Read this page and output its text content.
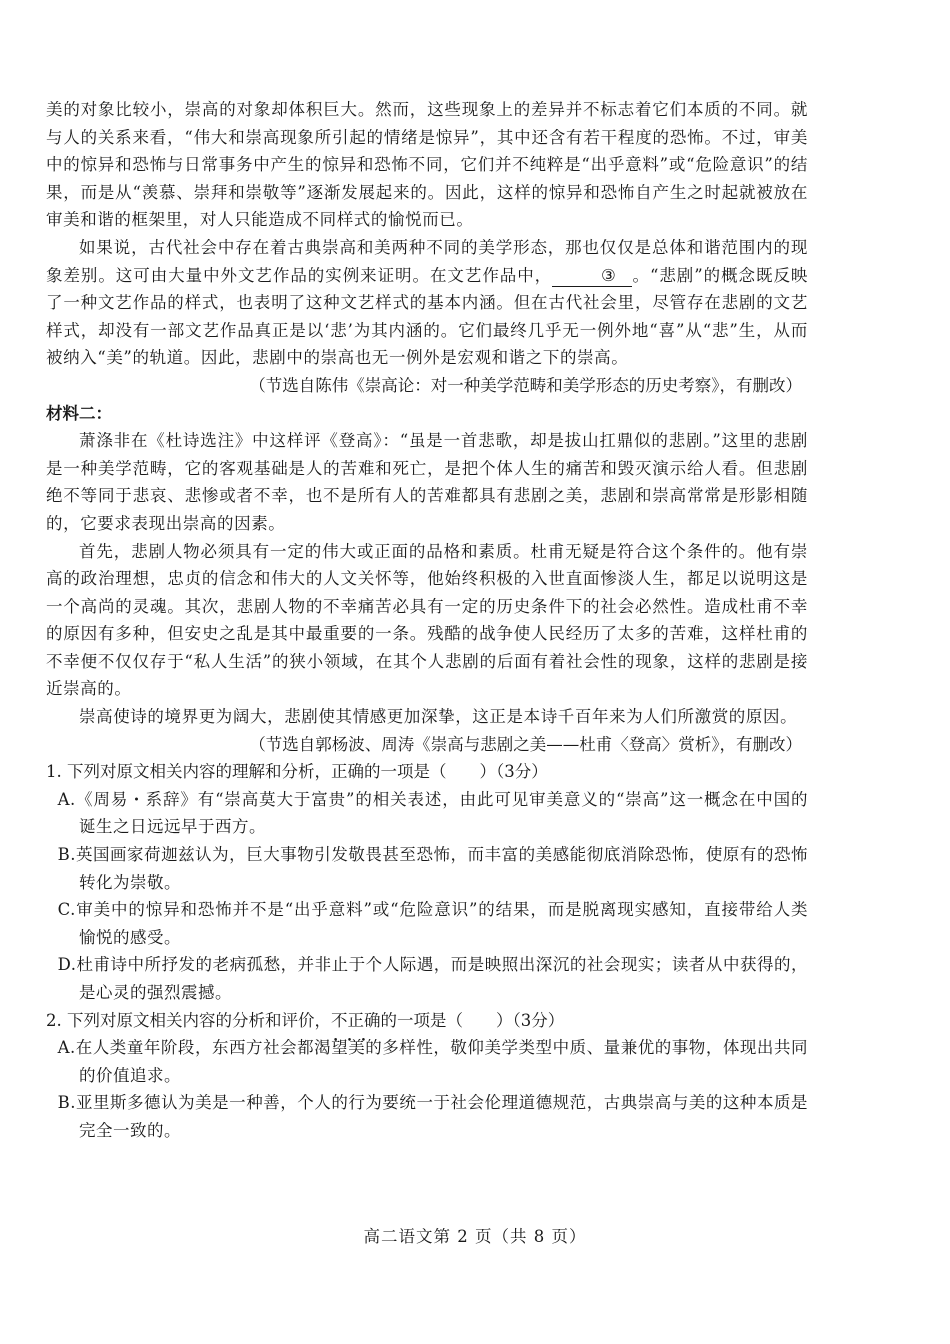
美的对象比较小，崇高的对象却体积巨大。然而，这些现象上的差异并不标志着它们本质的不同。就与人的关系来看，“伟大和崇高现象所引起的情绪是惊异”，其中还含有若干程度的恐怖。不过，审美中的惊异和恐怖与日常事务中产生的惊异和恐怖不同，它们并不纯粹是“出乎意料”或“危险意识”的结果，而是从“羡慕、崇拜和崇敬等”逐渐发展起来的。因此，这样的惊异和恐怖自产生之时起就被放在审美和谐的框架里，对人只能造成不同样式的愉悦而已。

如果说，古代社会中存在着古典崇高和美两种不同的美学形态，那也仅仅是总体和谐范围内的现象差别。这可由大量中外文艺作品的实例来证明。在文艺作品中，	③ 。“悲剧”的概念既反映了一种文艺作品的样式，也表明了这种文艺样式的基本内涵。但在古代社会里，尽管存在悲剧的文艺样式，却没有一部文艺作品真正是以‘悲’为其内涵的。它们最终几乎无一例外地“喜”从“悲”生，从而被纳入“美”的轨道。因此，悲剧中的崇高也无一例外是宏观和谐之下的崇高。

（节选自陈伟《崇高论：对一种美学范畴和美学形态的历史考察》，有删改）

材料二：

萧涤非在《杜诗选注》中这样评《登高》：“虽是一首悲歌，却是拔山扛鼎似的悲剧。”这里的悲剧是一种美学范畴，它的客观基础是人的苦难和死亡，是把个体人生的痛苦和毁灭演示给人看。但悲剧绝不等同于悲哀、悲惨或者不幸，也不是所有人的苦难都具有悲剧之美，悲剧和崇高常常是形影相随的，它要求表现出崇高的因素。

首先，悲剧人物必须具有一定的伟大或正面的品格和素质。杜甫无疑是符合这个条件的。他有崇高的政治理想，忠贞的信念和伟大的人文关怀等，他始终积极的入世直面惨淡人生，都足以说明这是一个高尚的灵魂。其次，悲剧人物的不幸痛苦必具有一定的历史条件下的社会必然性。造成杜甫不幸的原因有多种，但安史之乱是其中最重要的一条。残酷的战争使人民经历了太多的苦难，这样杜甫的不幸便不仅仅存于“私人生活”的狭小领域，在其个人悲剧的后面有着社会性的现象，这样的悲剧是接近崇高的。

崇高使诗的境界更为阔大，悲剧使其情感更加深挚，这正是本诗千百年来为人们所激赏的原因。

（节选自郭杨波、周涛《崇高与悲剧之美——杜甫〈登高〉赏析》，有删改）

1. 下列对原文相关内容的理解和分析，正确的一项是（　　）（3分）

A.《周易・系辞》有“崇高莫大于富贵”的相关表述，由此可见审美意义的“崇高”这一概念在中国的诞生之日远远早于西方。

B.英国画家荷迦兹认为，巨大事物引发敬畏甚至恐怖，而丰富的美感能彻底消除恐怖，使原有的恐怖转化为崇敬。

C.审美中的惊异和恐怖并不是“出乎意料”或“危险意识”的结果，而是脱离现实感知，直接带给人类愉悦的感受。

D.杜甫诗中所抒发的老病孤愁，并非止于个人际遇，而是映照出深沉的社会现实；读者从中获得的，是心灵的强烈震撼。

2. 下列对原文相关内容的分析和评价，不正确 •   •的一项是（　　）（3分）

A.在人类童年阶段，东西方社会都渴望美的多样性，敬仰美学类型中质、量兼优的事物，体现出共同的价值追求。

B.亚里斯多德认为美是一种善，个人的行为要统一于社会伦理道德规范，古典崇高与美的这种本质是完全一致的。

高二语文第 2 页（共 8 页）
